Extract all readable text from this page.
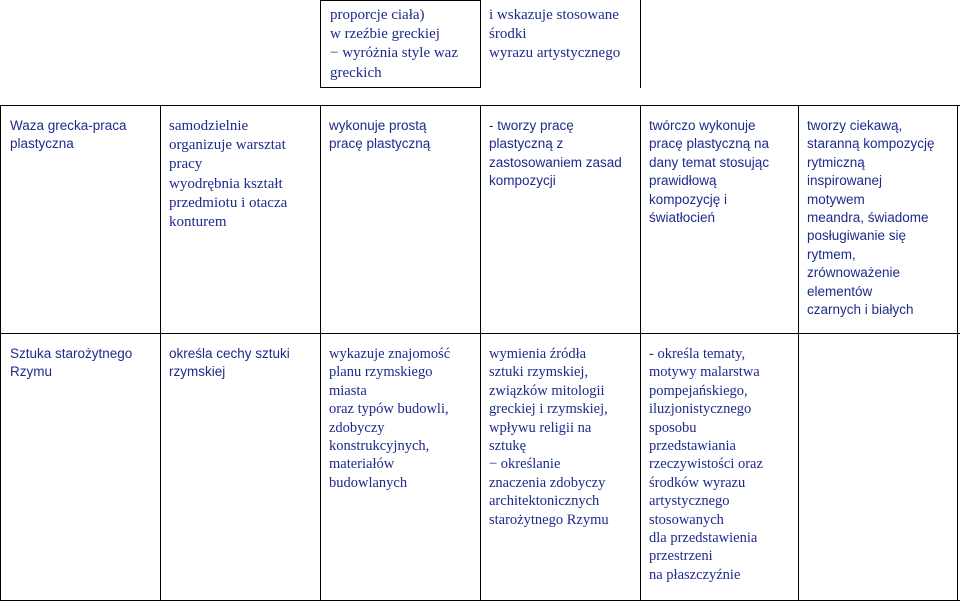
proporcje ciała)
w rzeźbie greckiej
− wyróżnia style waz
greckich
i wskazuje stosowane
środki
wyrazu artystycznego
Waza grecka-praca
plastyczna
samodzielnie
organizuje warsztat
pracy
wyodrębnia kształt
przedmiotu i otacza
konturem
wykonuje prostą
pracę plastyczną
- tworzy pracę
plastyczną z
zastosowaniem zasad
kompozycji
twórczo wykonuje
pracę plastyczną na
dany temat stosując
prawidłową
kompozycję i
światłocień
tworzy ciekawą,
staranną kompozycję
rytmiczną
inspirowanej
motywem
meandra, świadome
posługiwanie się
rytmem,
zrównoważenie
elementów
czarnych i białych
Sztuka starożytnego
Rzymu
określa cechy sztuki
rzymskiej
wykazuje znajomość
planu rzymskiego
miasta
oraz typów budowli,
zdobyczy
konstrukcyjnych,
materiałów
budowlanych
wymienia źródła
sztuki rzymskiej,
związków mitologii
greckiej i rzymskiej,
wpływu religii na
sztukę
− określanie
znaczenia zdobyczy
architektonicznych
starożytnego Rzymu
- określa tematy,
motywy malarstwa
pompejańskiego,
iluzjonistycznego
sposobu
przedstawiania
rzeczywistości oraz
środków wyrazu
artystycznego
stosowanych
dla przedstawienia
przestrzeni
na płaszczyźnie
